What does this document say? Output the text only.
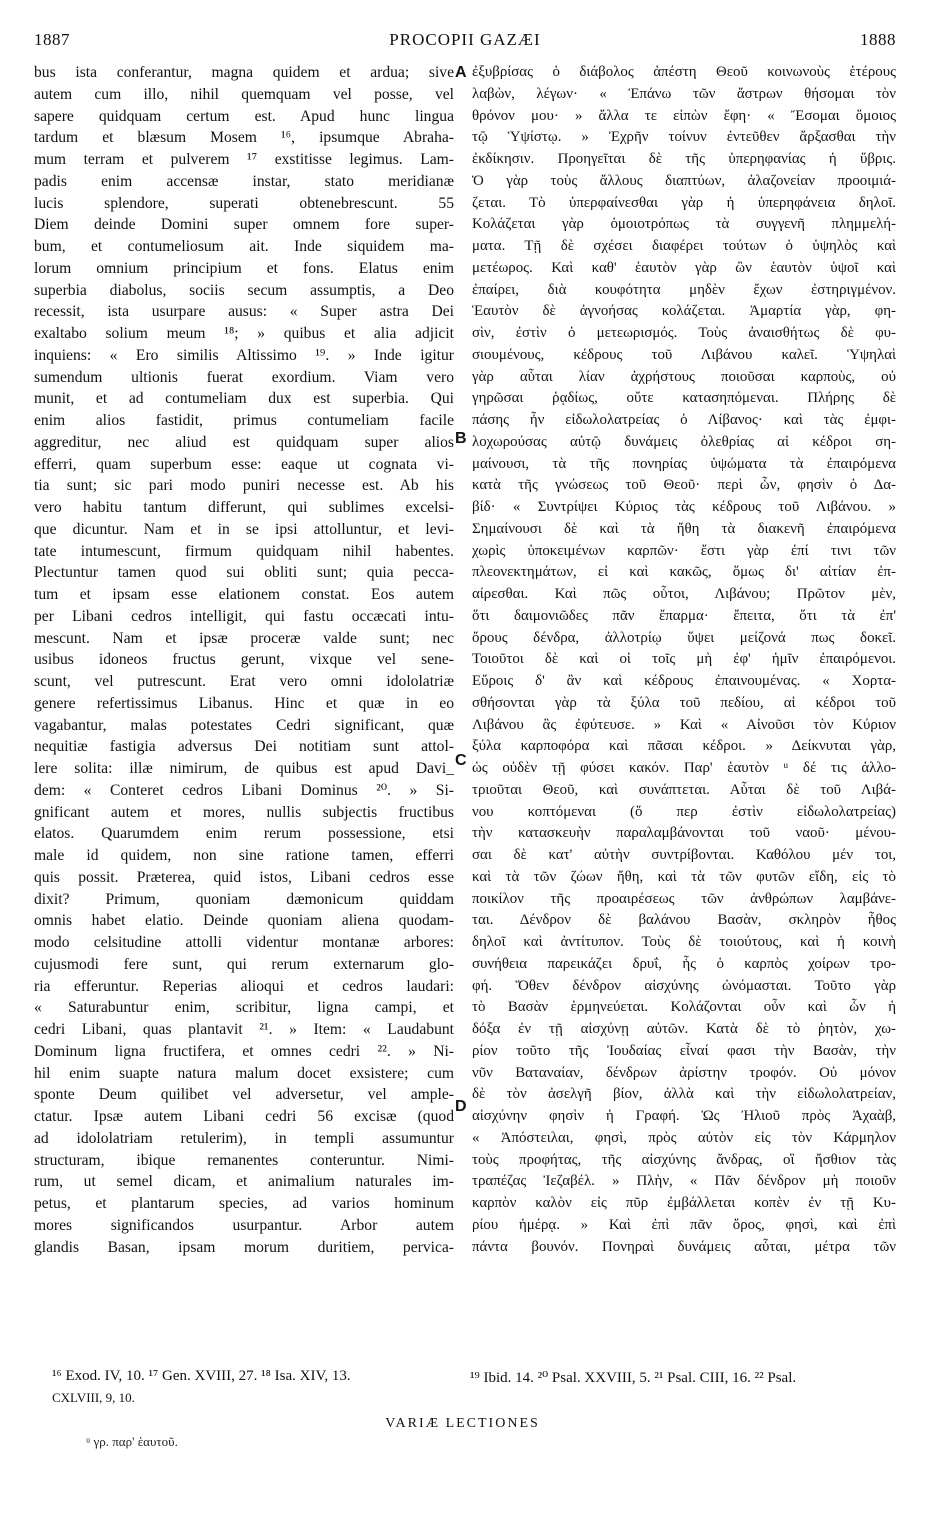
1887	PROCOPII GAZÆI	1888
bus ista conferantur, magna quidem et ardua; sive
autem cum illo, nihil quemquam vel posse, vel
sapere quidquam certum est. Apud hunc lingua
tardum et blæsum Mosem ¹⁶, ipsumque Abraha-
mum terram et pulverem ¹⁷ exstitisse legimus. Lam-
padis enim accensæ instar, stato meridianæ
lucis splendore, superati obtenebrescunt. 55
Diem deinde Domini super omnem fore super-
bum, et contumeliosum ait. Inde siquidem ma-
lorum omnium principium et fons. Elatus enim
superbia diabolus, sociis secum assumptis, a Deo
recessit, ista usurpare ausus: « Super astra Dei
exaltabo solium meum ¹⁸; » quibus et alia adjicit
inquiens: « Ero similis Altissimo ¹⁹. » Inde igitur
sumendum ultionis fuerat exordium. Viam vero
munit, et ad contumeliam dux est superbia. Qui
enim alios fastidit, primus contumeliam facile
aggreditur, nec aliud est quidquam super alios
efferri, quam superbum esse: eaque ut cognata vi-
tia sunt; sic pari modo puniri necesse est. Ab his
vero habitu tantum differunt, qui sublimes excelsi-
que dicuntur. Nam et in se ipsi attolluntur, et levi-
tate intumescunt, firmum quidquam nihil habentes.
Plectuntur tamen quod sui obliti sunt; quia pecca-
tum et ipsam esse elationem constat. Eos autem
per Libani cedros intelligit, qui fastu occæcati intu-
mescunt. Nam et ipsæ proceræ valde sunt; nec
usibus idoneos fructus gerunt, vixque vel sene-
scunt, vel putrescunt. Erat vero omni idololatriæ
genere refertissimus Libanus. Hinc et quæ in eo
vagabantur, malas potestates Cedri significant, quæ
nequitiæ fastigia adversus Dei notitiam sunt attol-
lere solita: illæ nimirum, de quibus est apud Davi_
dem: « Conteret cedros Libani Dominus ²⁰. » Si-
gnificant autem et mores, nullis subjectis fructibus
elatos. Quarumdem enim rerum possessione, etsi
male id quidem, non sine ratione tamen, efferri
quis possit. Præterea, quid istos, Libani cedros esse
dixit? Primum, quoniam dæmonicum quiddam
omnis habet elatio. Deinde quoniam aliena quodam-
modo celsitudine attolli videntur montanæ arbores:
cujusmodi fere sunt, qui rerum externarum glo-
ria efferuntur. Reperias alioqui et cedros laudari:
« Saturabuntur enim, scribitur, ligna campi, et
cedri Libani, quas plantavit ²¹. » Item: « Laudabunt
Dominum ligna fructifera, et omnes cedri ²². » Ni-
hil enim suapte natura malum docet exsistere; cum
sponte Deum quilibet vel adversetur, vel ample-
ctatur. Ipsæ autem Libani cedri 56 excisæ (quod
ad idololatriam retulerim), in templi assumuntur
structuram, ibique remanentes conteruntur. Nimi-
rum, ut semel dicam, et animalium naturales im-
petus, et plantarum species, ad varios hominum
mores significandos usurpantur. Arbor autem
glandis Basan, ipsam morum duritiem, pervica-
ἐξυβρίσας ὁ διάβολος ἀπέστη Θεοῦ κοινωνοὺς ἑτέρους
λαβὼν, λέγων· « Ἐπάνω τῶν ἄστρων θήσομαι τὸν
θρόνον μου· » ἄλλα τε εἰπὼν ἔφη· « Ἔσομαι ὅμοιος
τῷ Ὑψίστῳ. » Ἐχρῆν τοίνυν ἐντεῦθεν ἄρξασθαι τὴν
ἐκδίκησιν. Προηγεῖται δὲ τῆς ὑπερηφανίας ἡ ὕβρις.
Ὁ γὰρ τοὺς ἄλλους διαπτύων, ἀλαζονείαν προοιμιά-
ζεται. Τὸ ὑπερφαίνεσθαι γὰρ ἡ ὑπερηφάνεια δηλοῖ.
Κολάζεται γὰρ ὁμοιοτρόπως τὰ συγγενῆ πλημμελή-
ματα. Τῇ δὲ σχέσει διαφέρει τούτων ὁ ὑψηλὸς καὶ
μετέωρος. Καὶ καθ' ἑαυτὸν γὰρ ὢν ἑαυτὸν ὑψοῖ καὶ
ἐπαίρει, διὰ κουφότητα μηδὲν ἔχων ἐστηριγμένον.
Ἑαυτὸν δὲ ἀγνοήσας κολάζεται. Ἁμαρτία γὰρ, φη-
σὶν, ἐστὶν ὁ μετεωρισμός. Τοὺς ἀναισθήτως δὲ φυ-
σιουμένους, κέδρους τοῦ Λιβάνου καλεῖ. Ὑψηλαὶ
γὰρ αὗται λίαν ἀχρήστους ποιοῦσαι καρποὺς, οὐ
γηρῶσαι ῥᾳδίως, οὔτε κατασηπόμεναι. Πλήρης δὲ
πάσης ἦν εἰδωλολατρείας ὁ Λίβανος· καὶ τὰς ἐμφι-
λοχωρούσας αὐτῷ δυνάμεις ὀλεθρίας αἱ κέδροι ση-
μαίνουσι, τὰ τῆς πονηρίας ὑψώματα τὰ ἐπαιρόμενα
κατὰ τῆς γνώσεως τοῦ Θεοῦ· περὶ ὧν, φησὶν ὁ Δα-
βίδ· « Συντρίψει Κύριος τὰς κέδρους τοῦ Λιβάνου. »
Σημαίνουσι δὲ καὶ τὰ ἤθη τὰ διακενῆ ἐπαιρόμενα
χωρὶς ὑποκειμένων καρπῶν· ἔστι γὰρ ἐπί τινι τῶν
πλεονεκτημάτων, εἰ καὶ κακῶς, ὅμως δι' αἰτίαν ἐπ-
αίρεσθαι. Καὶ πῶς οὗτοι, Λιβάνου; Πρῶτον μὲν,
ὅτι δαιμονιῶδες πᾶν ἔπαρμα· ἔπειτα, ὅτι τὰ ἐπ'
ὄρους δένδρα, ἀλλοτρίῳ ὕψει μείζονά πως δοκεῖ.
Τοιοῦτοι δὲ καὶ οἱ τοῖς μὴ ἐφ' ἡμῖν ἐπαιρόμενοι.
Εὕροις δ' ἂν καὶ κέδρους ἐπαινουμένας. « Χορτα-
σθήσονται γὰρ τὰ ξύλα τοῦ πεδίου, αἱ κέδροι τοῦ
Λιβάνου ἃς ἐφύτευσε. » Καὶ « Αἰνοῦσι τὸν Κύριον
ξύλα καρποφόρα καὶ πᾶσαι κέδροι. » Δείκνυται γὰρ,
ὡς οὐδὲν τῇ φύσει κακόν. Παρ' ἑαυτὸν ᵘ δέ τις ἀλλο-
τριοῦται Θεοῦ, καὶ συνάπτεται. Αὗται δὲ τοῦ Λιβά-
νου κοπτόμεναι (ὅ περ ἐστὶν εἰδωλολατρείας)
τὴν κατασκευὴν παραλαμβάνονται τοῦ ναοῦ· μένου-
σαι δὲ κατ' αὐτὴν συντρίβονται. Καθόλου μέν τοι,
καὶ τὰ τῶν ζώων ἤθη, καὶ τὰ τῶν φυτῶν εἴδη, εἰς τὸ
ποικίλον τῆς προαιρέσεως τῶν ἀνθρώπων λαμβάνε-
ται. Δένδρον δὲ βαλάνου Βασὰν, σκληρὸν ἦθος
δηλοῖ καὶ ἀντίτυπον. Τοὺς δὲ τοιούτους, καὶ ἡ κοινὴ
συνήθεια παρεικάζει δρυΐ, ἧς ὁ καρπὸς χοίρων τρο-
φή. Ὅθεν δένδρον αἰσχύνης ὠνόμασται. Τοῦτο γὰρ
τὸ Βασὰν ἑρμηνεύεται. Κολάζονται οὖν καὶ ὧν ἡ
δόξα ἐν τῇ αἰσχύνῃ αὐτῶν. Κατὰ δὲ τὸ ῥητὸν, χω-
ρίον τοῦτο τῆς Ἰουδαίας εἶναί φασι τὴν Βασὰν, τὴν
νῦν Βαταναίαν, δένδρων ἀρίστην τροφόν. Οὐ μόνον
δὲ τὸν ἀσελγῆ βίον, ἀλλὰ καὶ τὴν εἰδωλολατρείαν,
αἰσχύνην φησὶν ἡ Γραφή. Ὡς Ἠλιοῦ πρὸς Ἀχαὰβ,
« Ἀπόστειλαι, φησὶ, πρὸς αὐτὸν εἰς τὸν Κάρμηλον
τοὺς προφήτας, τῆς αἰσχύνης ἄνδρας, οἳ ἤσθιον τὰς
τραπέζας Ἰεζαβέλ. » Πλὴν, « Πᾶν δένδρον μὴ ποιοῦν
καρπὸν καλὸν εἰς πῦρ ἐμβάλλεται κοπὲν ἐν τῇ Κυ-
ρίου ἡμέρᾳ. » Καὶ ἐπὶ πᾶν ὄρος, φησὶ, καὶ ἐπὶ
πάντα βουνόν. Πονηραὶ δυνάμεις αὗται, μέτρα τῶν
A
B
C
D
¹⁶ Exod. IV, 10. ¹⁷ Gen. XVIII, 27. ¹⁸ Isa. XIV, 13.
CXLVIII, 9, 10.
¹⁹ Ibid. 14. ²⁰ Psal. XXVIII, 5. ²¹ Psal. CIII, 16. ²² Psal.
VARIÆ LECTIONES
ᵘ γρ. παρ' ἑαυτοῦ.
